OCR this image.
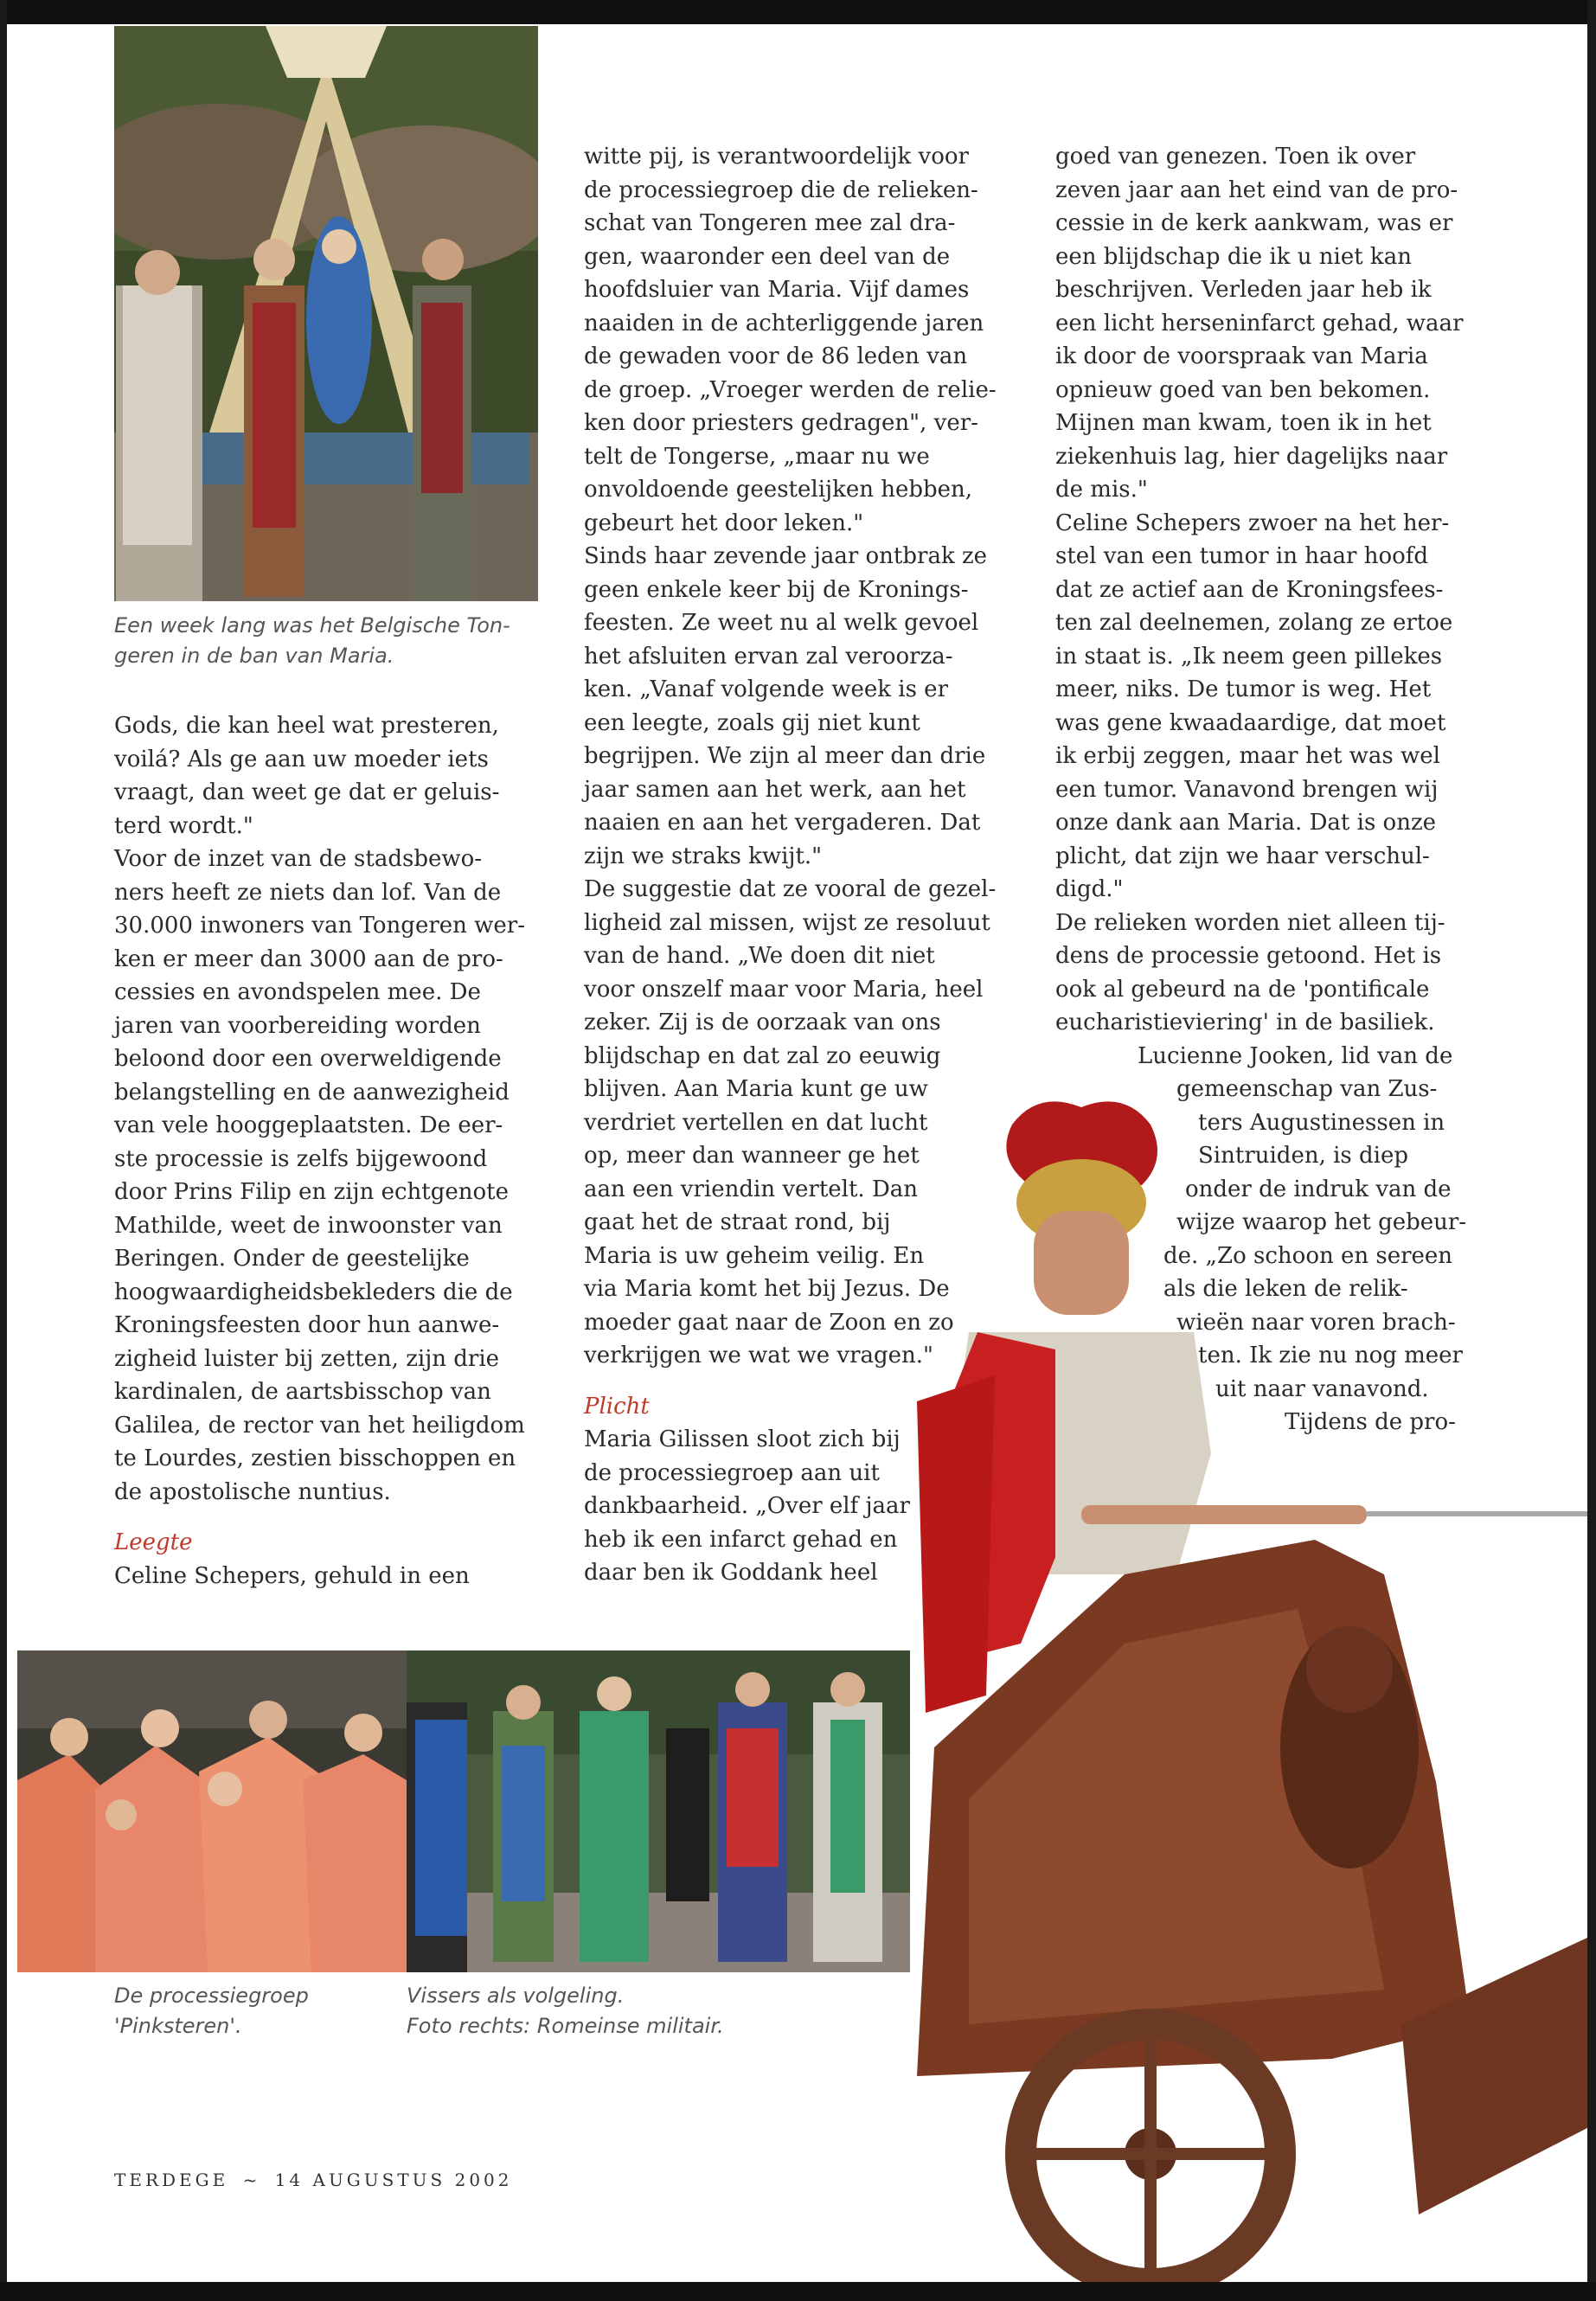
Een week lang was het Belgische Ton-

geren in de ban van Maria.

Gods, die kan heel wat presteren,

voilá? Als ge aan uw moeder iets

vraagt, dan weet ge dat er geluis-

terd wordt."

Voor de inzet van de stadsbewo-

ners heeft ze niets dan lof. Van de

30.000 inwoners van Tongeren wer-

ken er meer dan 3000 aan de pro-

cessies en avondspelen mee. De

jaren van voorbereiding worden

beloond door een overweldigende

belangstelling en de aanwezigheid

van vele hooggeplaatsten. De eer-

ste processie is zelfs bijgewoond

door Prins Filip en zijn echtgenote

Mathilde, weet de inwoonster van

Beringen. Onder de geestelijke

hoogwaardigheidsbekleders die de

Kroningsfeesten door hun aanwe-

zigheid luister bij zetten, zijn drie

kardinalen, de aartsbisschop van

Galilea, de rector van het heiligdom

te Lourdes, zestien bisschoppen en

de apostolische nuntius.

Leegte

Celine Schepers, gehuld in een

witte pij, is verantwoordelijk voor

de processiegroep die de relieken-

schat van Tongeren mee zal dra-

gen, waaronder een deel van de

hoofdsluier van Maria. Vijf dames

naaiden in de achterliggende jaren

de gewaden voor de 86 leden van

de groep. „Vroeger werden de relie-

ken door priesters gedragen", ver-

telt de Tongerse, „maar nu we

onvoldoende geestelijken hebben,

gebeurt het door leken."

Sinds haar zevende jaar ontbrak ze

geen enkele keer bij de Kronings-

feesten. Ze weet nu al welk gevoel

het afsluiten ervan zal veroorza-

ken. „Vanaf volgende week is er

een leegte, zoals gij niet kunt

begrijpen. We zijn al meer dan drie

jaar samen aan het werk, aan het

naaien en aan het vergaderen. Dat

zijn we straks kwijt."

De suggestie dat ze vooral de gezel-

ligheid zal missen, wijst ze resoluut

van de hand. „We doen dit niet

voor onszelf maar voor Maria, heel

zeker. Zij is de oorzaak van ons

blijdschap en dat zal zo eeuwig

blijven. Aan Maria kunt ge uw

verdriet vertellen en dat lucht

op, meer dan wanneer ge het

aan een vriendin vertelt. Dan

gaat het de straat rond, bij

Maria is uw geheim veilig. En

via Maria komt het bij Jezus. De

moeder gaat naar de Zoon en zo

verkrijgen we wat we vragen."

Plicht

Maria Gilissen sloot zich bij

de processiegroep aan uit

dankbaarheid. „Over elf jaar

heb ik een infarct gehad en

daar ben ik Goddank heel

goed van genezen. Toen ik over

zeven jaar aan het eind van de pro-

cessie in de kerk aankwam, was er

een blijdschap die ik u niet kan

beschrijven. Verleden jaar heb ik

een licht herseninfarct gehad, waar

ik door de voorspraak van Maria

opnieuw goed van ben bekomen.

Mijnen man kwam, toen ik in het

ziekenhuis lag, hier dagelijks naar

de mis."

Celine Schepers zwoer na het her-

stel van een tumor in haar hoofd

dat ze actief aan de Kroningsfees-

ten zal deelnemen, zolang ze ertoe

in staat is. „Ik neem geen pillekes

meer, niks. De tumor is weg. Het

was gene kwaadaardige, dat moet

ik erbij zeggen, maar het was wel

een tumor. Vanavond brengen wij

onze dank aan Maria. Dat is onze

plicht, dat zijn we haar verschul-

digd."

De relieken worden niet alleen tij-

dens de processie getoond. Het is

ook al gebeurd na de 'pontificale

eucharistieviering' in de basiliek.

Lucienne Jooken, lid van de

gemeenschap van Zus-

ters Augustinessen in

Sintruiden, is diep

onder de indruk van de

wijze waarop het gebeur-

de. „Zo schoon en sereen

als die leken de relik-

wieën naar voren brach-

ten. Ik zie nu nog meer

uit naar vanavond.

Tijdens de pro-

De processiegroep

'Pinksteren'.

Vissers als volgeling.

Foto rechts: Romeinse militair.

TERDEGE ~ 14 AUGUSTUS 2002
